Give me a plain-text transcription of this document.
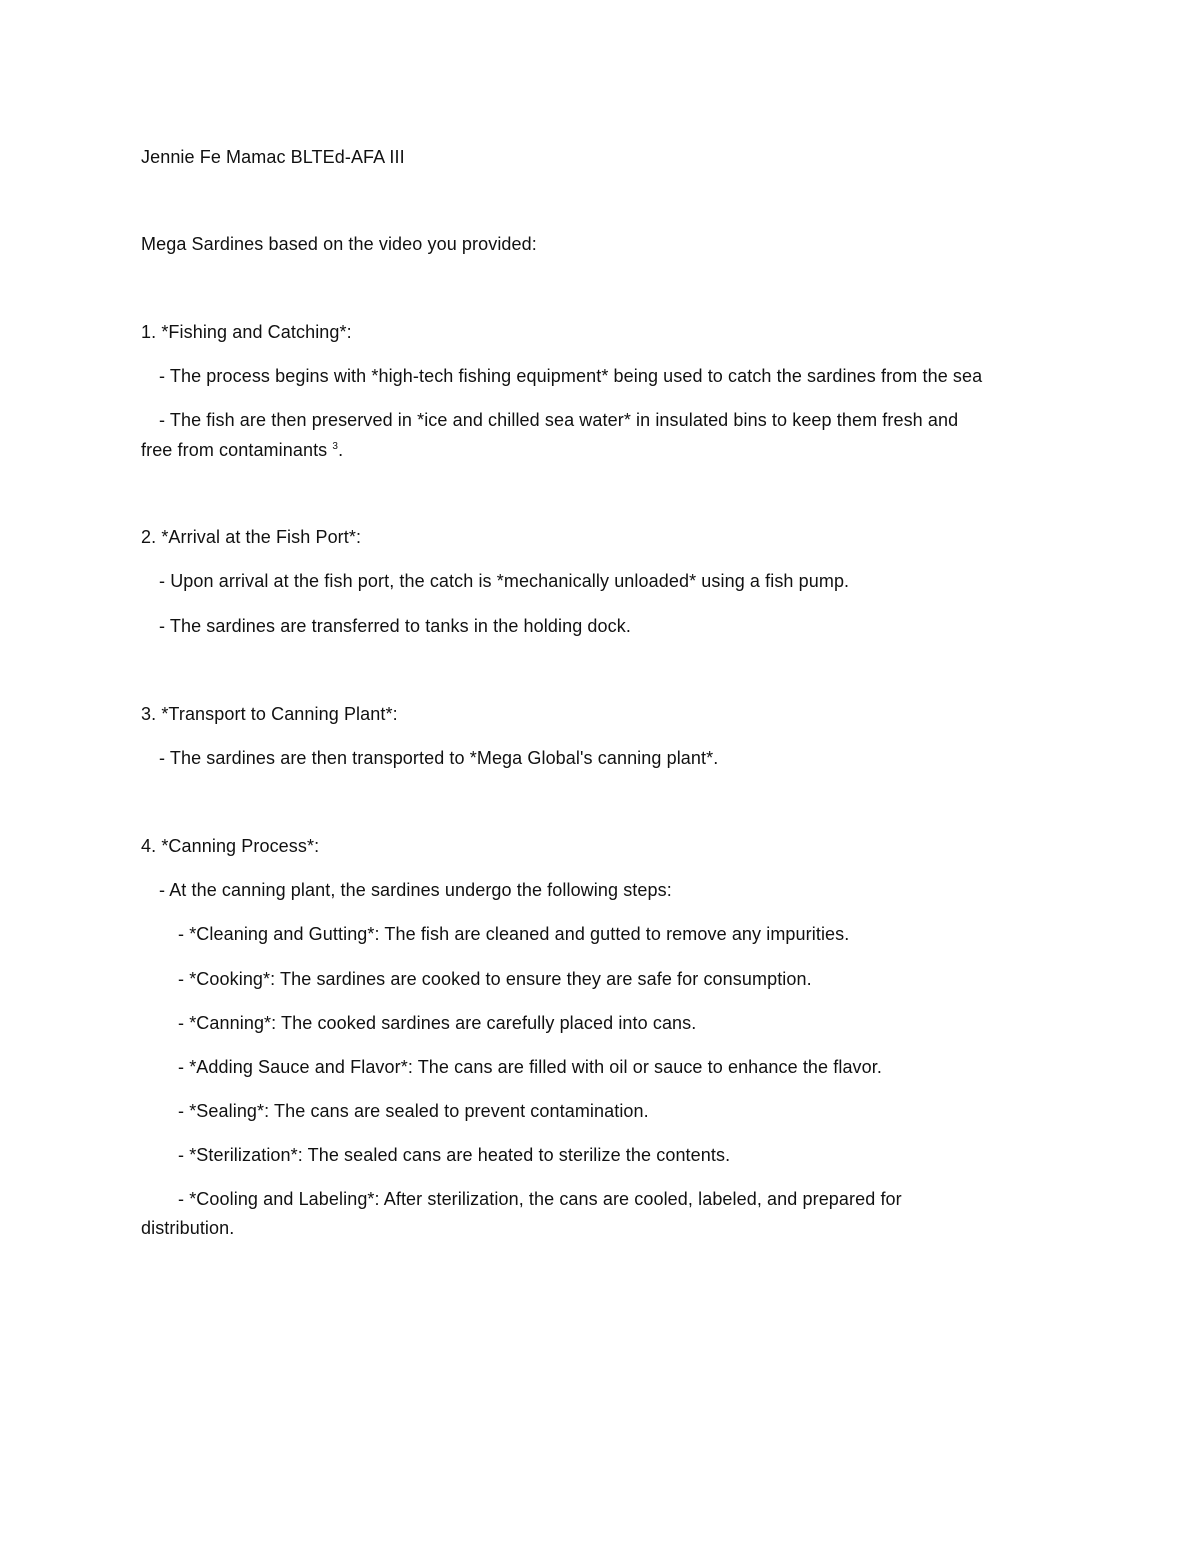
Jennie Fe Mamac BLTEd-AFA III
Mega Sardines based on the video you provided:
1. *Fishing and Catching*:
- The process begins with *high-tech fishing equipment* being used to catch the sardines from the sea
- The fish are then preserved in *ice and chilled sea water* in insulated bins to keep them fresh and
free from contaminants $^3$.
2. *Arrival at the Fish Port*:
- Upon arrival at the fish port, the catch is *mechanically unloaded* using a fish pump.
- The sardines are transferred to tanks in the holding dock.
3. *Transport to Canning Plant*:
- The sardines are then transported to *Mega Global's canning plant*.
4. *Canning Process*:
- At the canning plant, the sardines undergo the following steps:
- *Cleaning and Gutting*: The fish are cleaned and gutted to remove any impurities.
- *Cooking*: The sardines are cooked to ensure they are safe for consumption.
- *Canning*: The cooked sardines are carefully placed into cans.
- *Adding Sauce and Flavor*: The cans are filled with oil or sauce to enhance the flavor.
- *Sealing*: The cans are sealed to prevent contamination.
- *Sterilization*: The sealed cans are heated to sterilize the contents.
- *Cooling and Labeling*: After sterilization, the cans are cooled, labeled, and prepared for
distribution.
